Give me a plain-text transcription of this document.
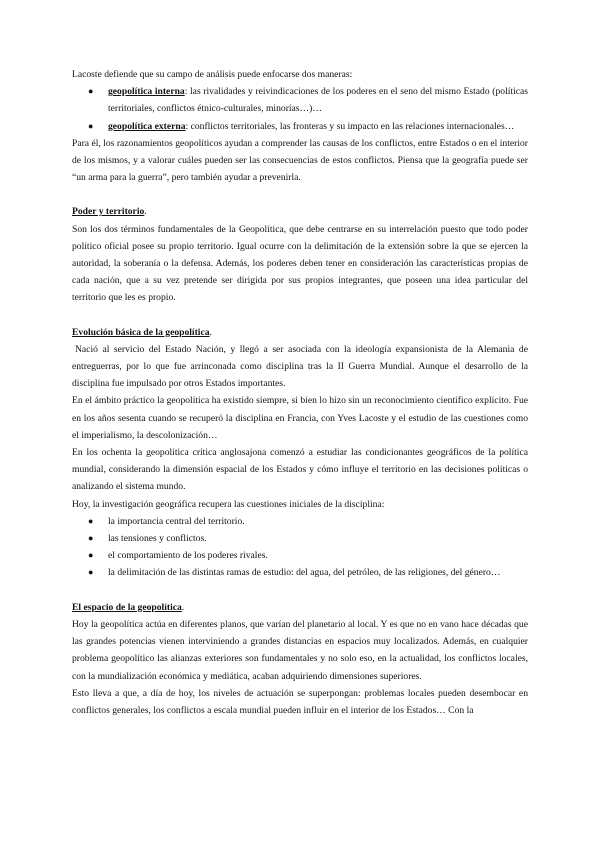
Lacoste defiende que su campo de análisis puede enfocarse dos maneras:

● geopolítica interna: las rivalidades y reivindicaciones de los poderes en el seno del mismo Estado (políticas territoriales, conflictos étnico-culturales, minorías…)…
● geopolítica externa: conflictos territoriales, las fronteras y su impacto en las relaciones internacionales…

Para él, los razonamientos geopolíticos ayudan a comprender las causas de los conflictos, entre Estados o en el interior de los mismos, y a valorar cuáles pueden ser las consecuencias de estos conflictos. Piensa que la geografía puede ser “un arma para la guerra”, pero también ayudar a prevenirla.

Poder y territorio.

Son los dos términos fundamentales de la Geopolítica, que debe centrarse en su interrelación puesto que todo poder político oficial posee su propio territorio. Igual ocurre con la delimitación de la extensión sobre la que se ejercen la autoridad, la soberanía o la defensa. Además, los poderes deben tener en consideración las características propias de cada nación, que a su vez pretende ser dirigida por sus propios integrantes, que poseen una idea particular del territorio que les es propio.

Evolución básica de la geopolítica.

Nació al servicio del Estado Nación, y llegó a ser asociada con la ideología expansionista de la Alemania de entreguerras, por lo que fue arrinconada como disciplina tras la II Guerra Mundial. Aunque el desarrollo de la disciplina fue impulsado por otros Estados importantes.

En el ámbito práctico la geopolítica ha existido siempre, si bien lo hizo sin un reconocimiento científico explícito. Fue en los años sesenta cuando se recuperó la disciplina en Francia, con Yves Lacoste y el estudio de las cuestiones como el imperialismo, la descolonización…

En los ochenta la geopolítica crítica anglosajona comenzó a estudiar las condicionantes geográficos de la política mundial, considerando la dimensión espacial de los Estados y cómo influye el territorio en las decisiones políticas o analizando el sistema mundo.

Hoy, la investigación geográfica recupera las cuestiones iniciales de la disciplina:

● la importancia central del territorio.
● las tensiones y conflictos.
● el comportamiento de los poderes rivales.
● la delimitación de las distintas ramas de estudio: del agua, del petróleo, de las religiones, del género…

El espacio de la geopolítica.

Hoy la geopolítica actúa en diferentes planos, que varían del planetario al local. Y es que no en vano hace décadas que las grandes potencias vienen interviniendo a grandes distancias en espacios muy localizados. Además, en cualquier problema geopolítico las alianzas exteriores son fundamentales y no solo eso, en la actualidad, los conflictos locales, con la mundialización económica y mediática, acaban adquiriendo dimensiones superiores.

Esto lleva a que, a día de hoy, los niveles de actuación se superpongan: problemas locales pueden desembocar en conflictos generales, los conflictos a escala mundial pueden influir en el interior de los Estados… Con la
